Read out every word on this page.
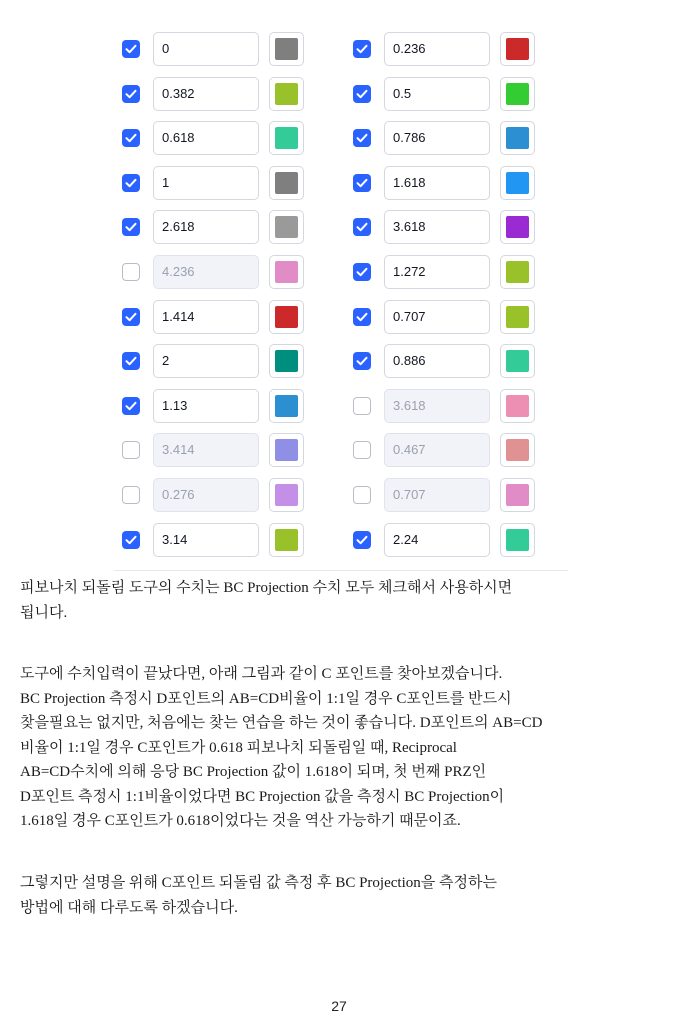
0
0.382
0.618
1
2.618
4.236
1.414
2
1.13
3.414
0.276
3.14
0.236
0.5
0.786
1.618
3.618
1.272
0.707
0.886
3.618
0.467
0.707
2.24

피보나치 되돌림 도구의 수치는 BC Projection 수치 모두 체크해서 사용하시면

됩니다.

도구에 수치입력이 끝났다면, 아래 그림과 같이 C 포인트를 찾아보겠습니다.

BC Projection 측정시 D포인트의 AB=CD비율이 1:1일 경우 C포인트를 반드시

찾을필요는 없지만, 처음에는 찾는 연습을 하는 것이 좋습니다. D포인트의 AB=CD

비율이 1:1일 경우 C포인트가 0.618 피보나치 되돌림일 때, Reciprocal

AB=CD수치에 의해 응당 BC Projection 값이 1.618이 되며, 첫 번째 PRZ인

D포인트 측정시 1:1비율이었다면 BC Projection 값을 측정시 BC Projection이

1.618일 경우 C포인트가 0.618이었다는 것을 역산 가능하기 때문이죠.

그렇지만 설명을 위해 C포인트 되돌림 값 측정 후 BC Projection을 측정하는

방법에 대해 다루도록 하겠습니다.

27
